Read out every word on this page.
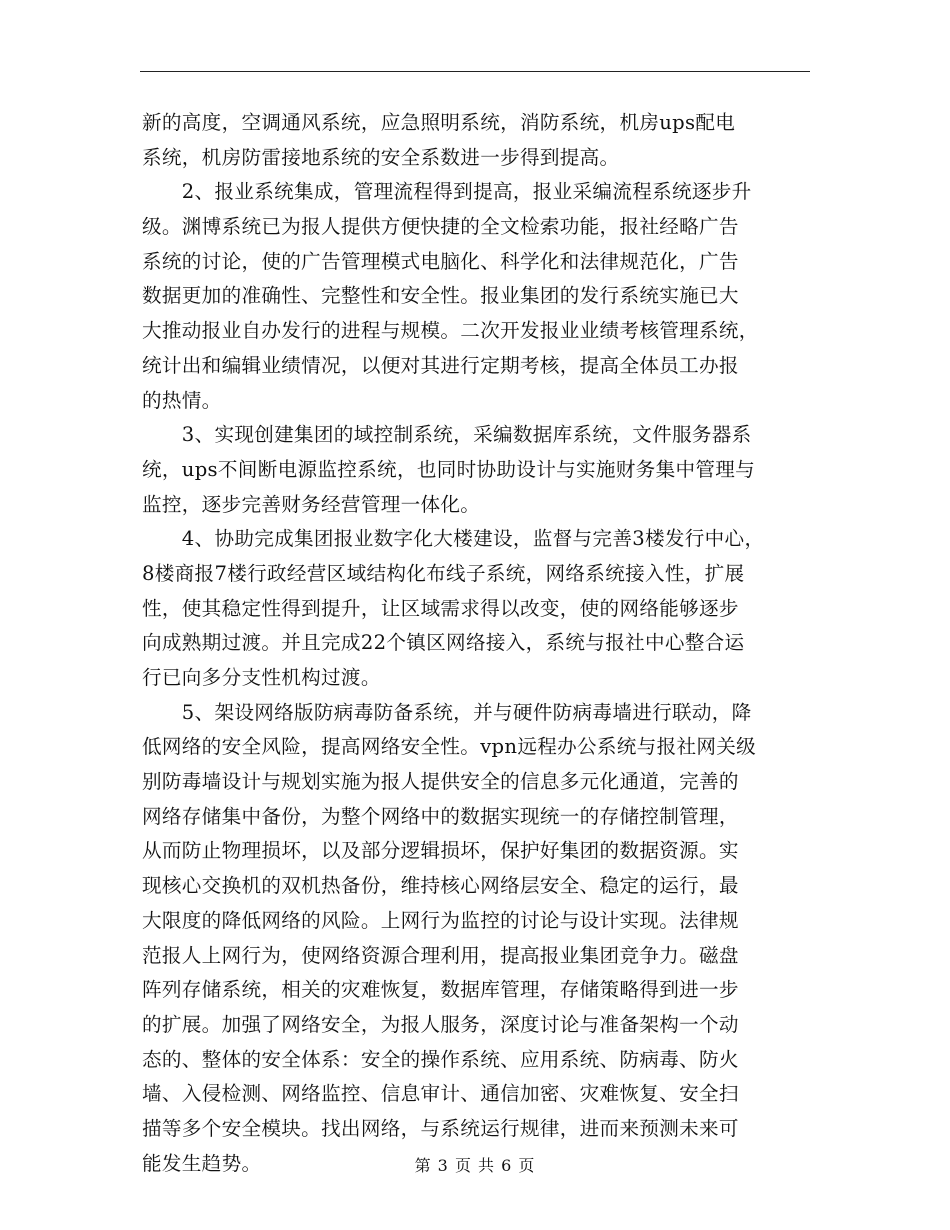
新的高度，空调通风系统，应急照明系统，消防系统，机房ups配电
系统，机房防雷接地系统的安全系数进一步得到提高。
　　2、报业系统集成，管理流程得到提高，报业采编流程系统逐步升
级。渊博系统已为报人提供方便快捷的全文检索功能，报社经略广告
系统的讨论，使的广告管理模式电脑化、科学化和法律规范化，广告
数据更加的准确性、完整性和安全性。报业集团的发行系统实施已大
大推动报业自办发行的进程与规模。二次开发报业业绩考核管理系统，
统计出和编辑业绩情况，以便对其进行定期考核，提高全体员工办报
的热情。
　　3、实现创建集团的域控制系统，采编数据库系统，文件服务器系
统，ups不间断电源监控系统，也同时协助设计与实施财务集中管理与
监控，逐步完善财务经营管理一体化。
　　4、协助完成集团报业数字化大楼建设，监督与完善3楼发行中心，
8楼商报7楼行政经营区域结构化布线子系统，网络系统接入性，扩展
性，使其稳定性得到提升，让区域需求得以改变，使的网络能够逐步
向成熟期过渡。并且完成22个镇区网络接入，系统与报社中心整合运
行已向多分支性机构过渡。
　　5、架设网络版防病毒防备系统，并与硬件防病毒墙进行联动，降
低网络的安全风险，提高网络安全性。vpn远程办公系统与报社网关级
别防毒墙设计与规划实施为报人提供安全的信息多元化通道，完善的
网络存储集中备份，为整个网络中的数据实现统一的存储控制管理，
从而防止物理损坏，以及部分逻辑损坏，保护好集团的数据资源。实
现核心交换机的双机热备份，维持核心网络层安全、稳定的运行，最
大限度的降低网络的风险。上网行为监控的讨论与设计实现。法律规
范报人上网行为，使网络资源合理利用，提高报业集团竞争力。磁盘
阵列存储系统，相关的灾难恢复，数据库管理，存储策略得到进一步
的扩展。加强了网络安全，为报人服务，深度讨论与准备架构一个动
态的、整体的安全体系：安全的操作系统、应用系统、防病毒、防火
墙、入侵检测、网络监控、信息审计、通信加密、灾难恢复、安全扫
描等多个安全模块。找出网络，与系统运行规律，进而来预测未来可
能发生趋势。	第 3 页 共 6 页
